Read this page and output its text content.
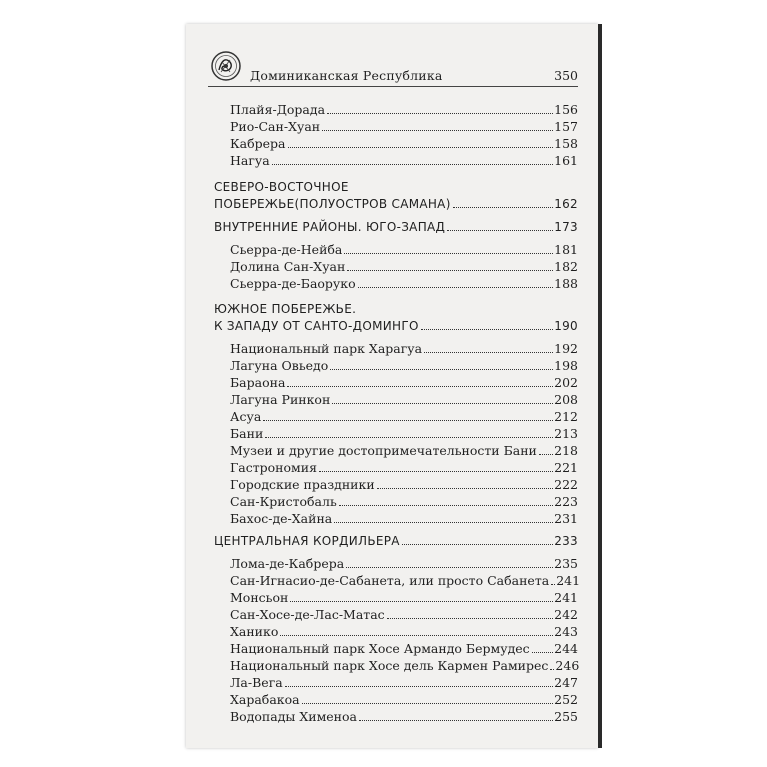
Доминиканская Республика	350
Плайя-Дорада	156
Рио-Сан-Хуан	157
Кабрера	158
Нагуа	161
СЕВЕРО-ВОСТОЧНОЕ
ПОБЕРЕЖЬЕ(ПОЛУОСТРОВ САМАНА)	162
ВНУТРЕННИЕ РАЙОНЫ. ЮГО-ЗАПАД	173
Сьерра-де-Нейба	181
Долина Сан-Хуан	182
Сьерра-де-Баоруко	188
ЮЖНОЕ ПОБЕРЕЖЬЕ.
К ЗАПАДУ ОТ САНТО-ДОМИНГО	190
Национальный парк Харагуа	192
Лагуна Овьедо	198
Бараона	202
Лагуна Ринкон	208
Асуа	212
Бани	213
Музеи и другие достопримечательности Бани 218
Гастрономия	221
Городские праздники	222
Сан-Кристобаль	223
Бахос-де-Хайна	231
ЦЕНТРАЛЬНАЯ КОРДИЛЬЕРА	233
Лома-де-Кабрера	235
Сан-Игнасио-де-Сабанета, или просто Сабанета 241
Монсьон	241
Сан-Хосе-де-Лас-Матас	242
Ханико	243
Национальный парк Хосе Армандо Бермудес 244
Национальный парк Хосе дель Кармен Рамирес 246
Ла-Вега	247
Харабакоа	252
Водопады Хименоа	255
